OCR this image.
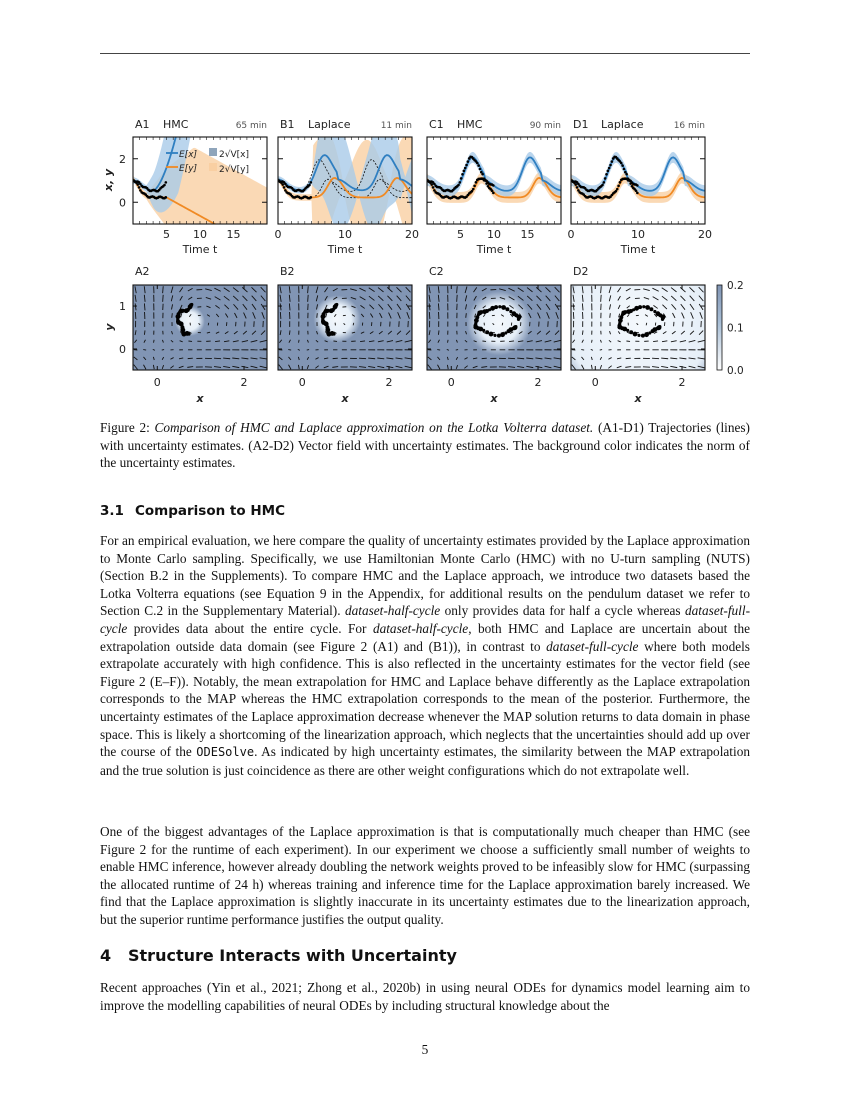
A1 HMC	65 min
5 10 15
Time t
2
0
x, y
E[x]
E[y]
2√V[x]
2√V[y]
B1 Laplace	11 min
0	10	20
Time t
C1 HMC	90 min
5 10 15
Time t
D1 Laplace	16 min
0	10	20
Time t
A2
0	2
x
1
0
y
B2
0	2
x
C2
0	2
x
D2
0	2
x
0.2
0.1
0.0
Figure 2: Comparison of HMC and Laplace approximation on the Lotka Volterra dataset. (A1-D1) Trajectories (lines) with uncertainty estimates. (A2-D2) Vector field with uncertainty estimates. The background color indicates the norm of the uncertainty estimates.
3.1 Comparison to HMC
For an empirical evaluation, we here compare the quality of uncertainty estimates provided by the Laplace approximation to Monte Carlo sampling. Specifically, we use Hamiltonian Monte Carlo (HMC) with no U-turn sampling (NUTS) (Section B.2 in the Supplements). To compare HMC and the Laplace approach, we introduce two datasets based the Lotka Volterra equations (see Equation 9 in the Appendix, for additional results on the pendulum dataset we refer to Section C.2 in the Supplementary Material). dataset-half-cycle only provides data for half a cycle whereas dataset-full-cycle provides data about the entire cycle. For dataset-half-cycle, both HMC and Laplace are uncertain about the extrapolation outside data domain (see Figure 2 (A1) and (B1)), in contrast to dataset-full-cycle where both models extrapolate accurately with high confidence. This is also reflected in the uncertainty estimates for the vector field (see Figure 2 (E–F)). Notably, the mean extrapolation for HMC and Laplace behave differently as the Laplace extrapolation corresponds to the MAP whereas the HMC extrapolation corresponds to the mean of the posterior. Furthermore, the uncertainty estimates of the Laplace approximation decrease whenever the MAP solution returns to data domain in phase space. This is likely a shortcoming of the linearization approach, which neglects that the uncertainties should add up over the course of the ODESolve. As indicated by high uncertainty estimates, the similarity between the MAP extrapolation and the true solution is just coincidence as there are other weight configurations which do not extrapolate well.
One of the biggest advantages of the Laplace approximation is that is computationally much cheaper than HMC (see Figure 2 for the runtime of each experiment). In our experiment we choose a sufficiently small number of weights to enable HMC inference, however already doubling the network weights proved to be infeasibly slow for HMC (surpassing the allocated runtime of 24 h) whereas training and inference time for the Laplace approximation barely increased. We find that the Laplace approximation is slightly inaccurate in its uncertainty estimates due to the linearization approach, but the superior runtime performance justifies the output quality.
4 Structure Interacts with Uncertainty
Recent approaches (Yin et al., 2021; Zhong et al., 2020b) in using neural ODEs for dynamics model learning aim to improve the modelling capabilities of neural ODEs by including structural knowledge about the
5
